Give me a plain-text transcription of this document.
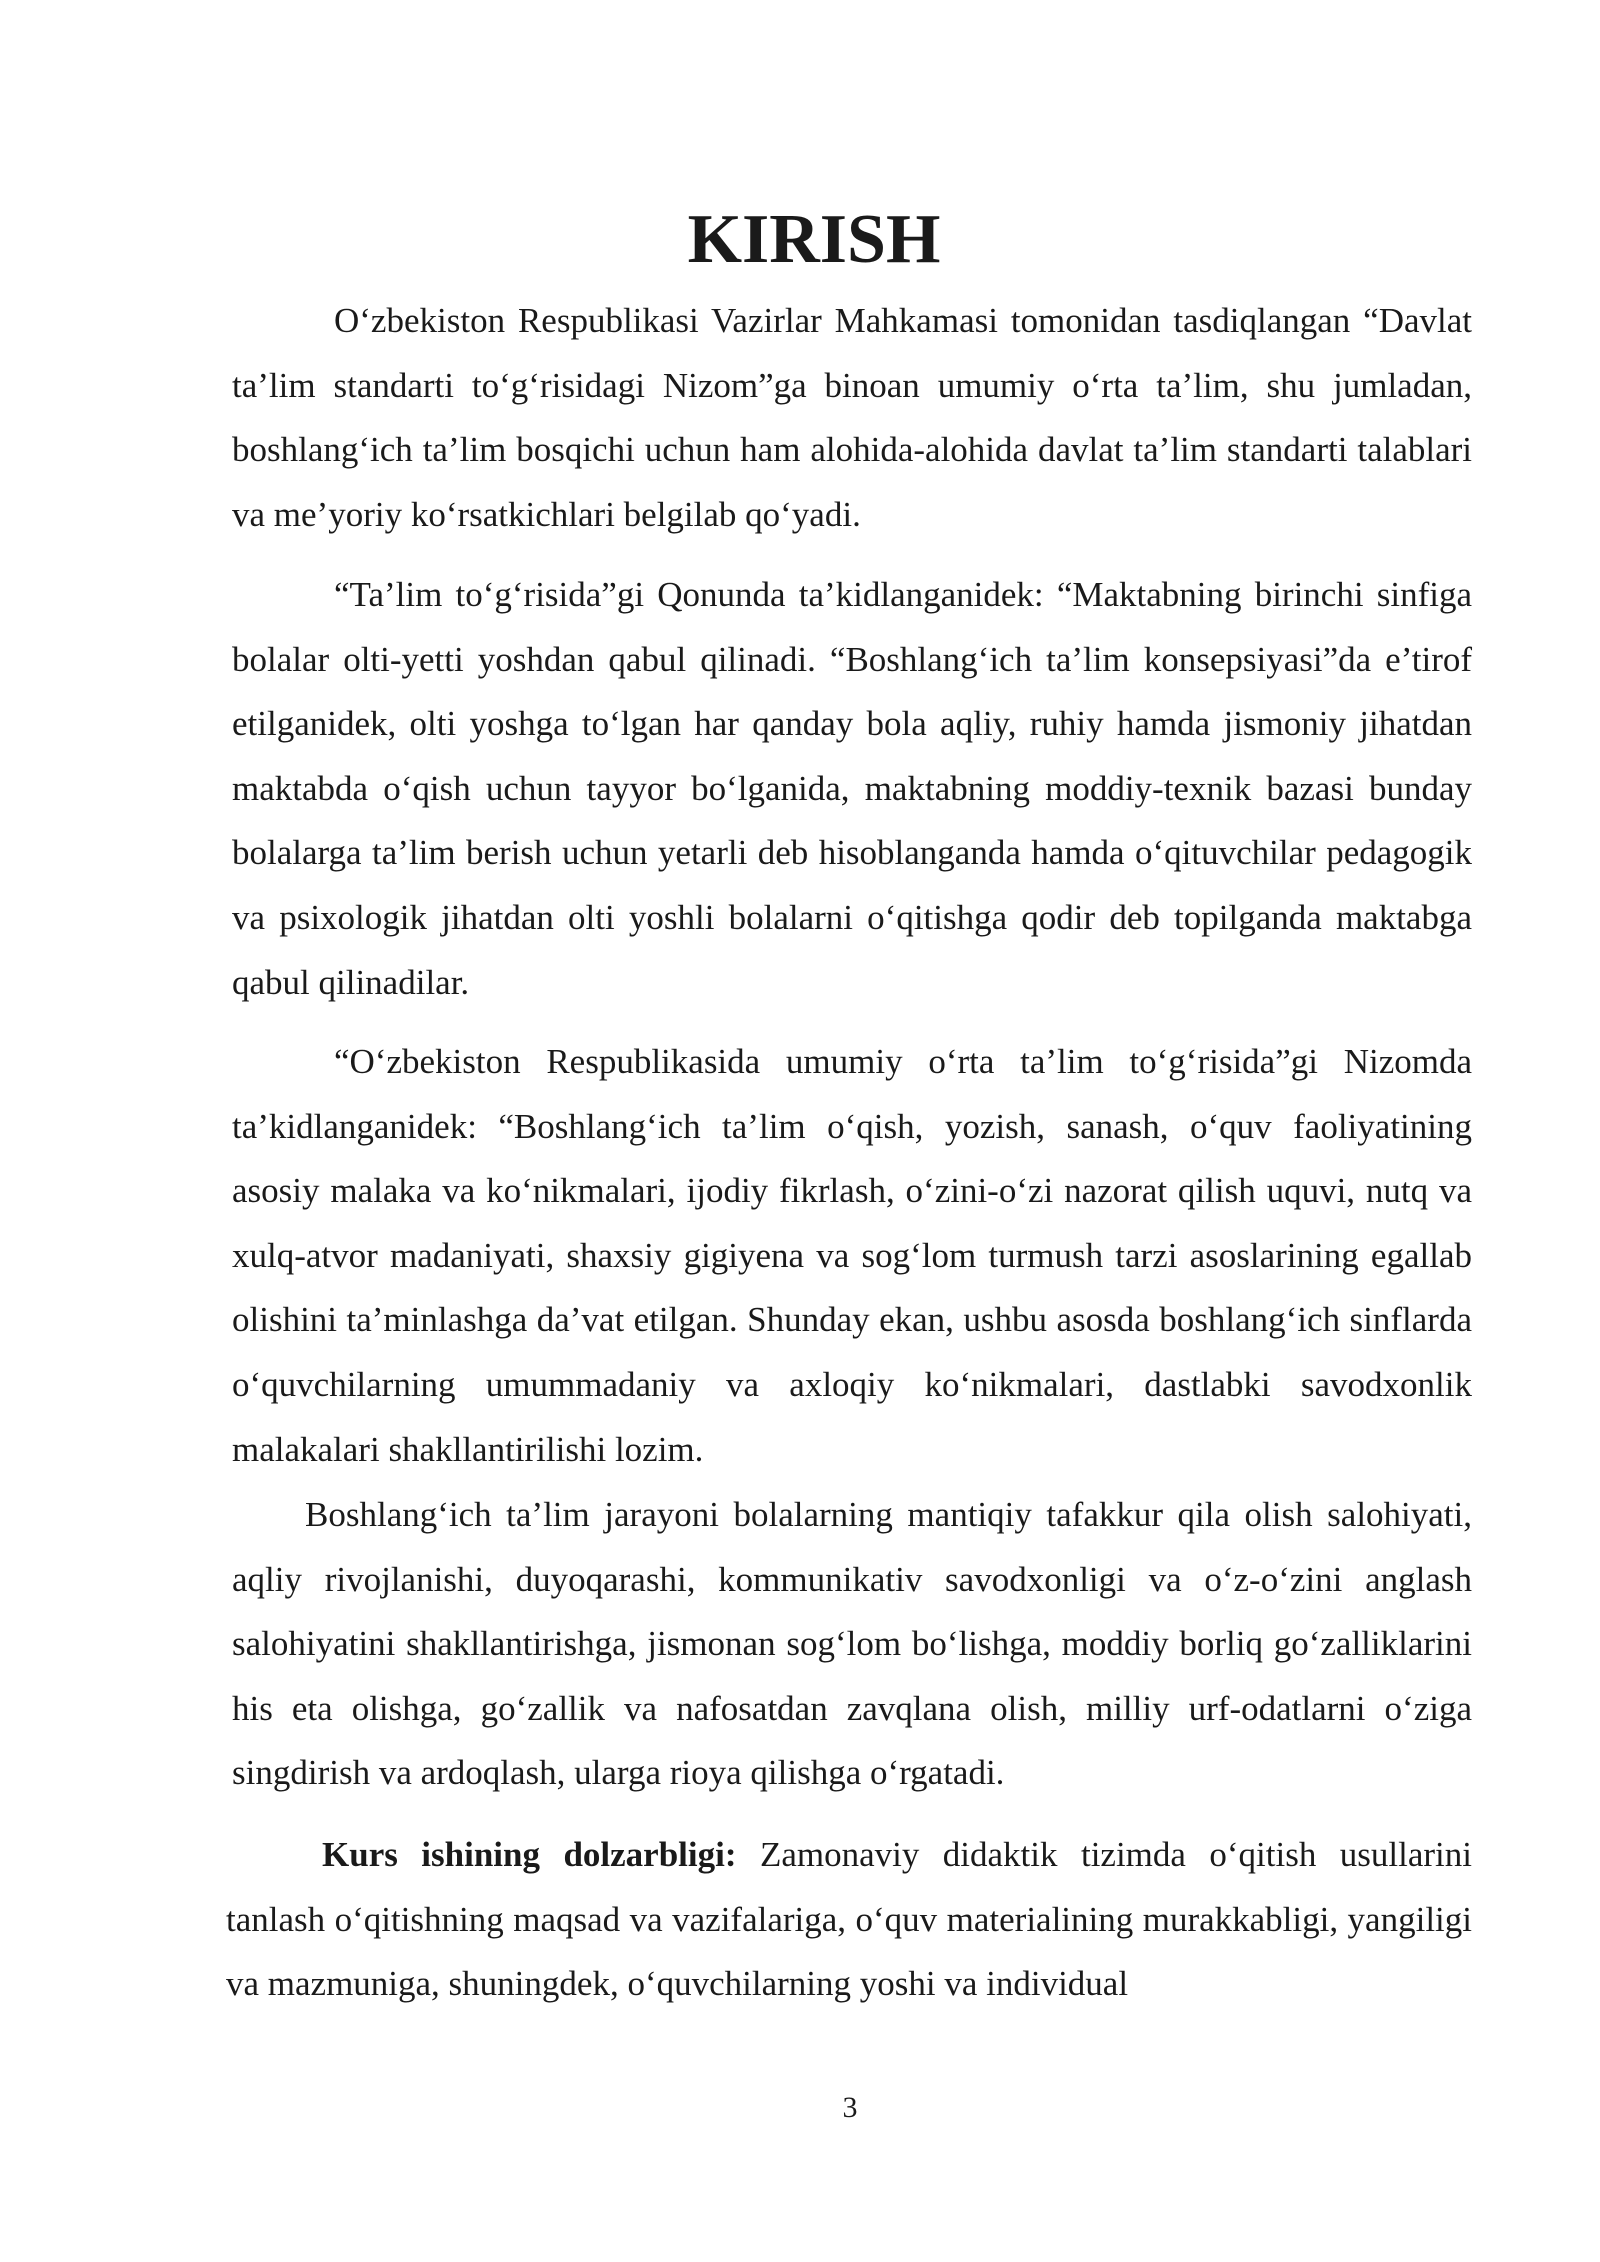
KIRISH

O‘zbekiston Respublikasi Vazirlar Mahkamasi tomonidan tasdiqlangan “Davlat ta’lim standarti to‘g‘risidagi Nizom”ga binoan umumiy o‘rta ta’lim, shu jumladan, boshlang‘ich ta’lim bosqichi uchun ham alohida-alohida davlat ta’lim standarti talablari va me’yoriy ko‘rsatkichlari belgilab qo‘yadi.

“Ta’lim to‘g‘risida”gi Qonunda ta’kidlanganidek: “Maktabning birinchi sinfiga bolalar olti-yetti yoshdan qabul qilinadi. “Boshlang‘ich ta’lim konsepsiyasi”da e’tirof etilganidek, olti yoshga to‘lgan har qanday bola aqliy, ruhiy hamda jismoniy jihatdan maktabda o‘qish uchun tayyor bo‘lganida, maktabning moddiy-texnik bazasi bunday bolalarga ta’lim berish uchun yetarli deb hisoblanganda hamda o‘qituvchilar pedagogik va psixologik jihatdan olti yoshli bolalarni o‘qitishga qodir deb topilganda maktabga qabul qilinadilar.

“O‘zbekiston Respublikasida umumiy o‘rta ta’lim to‘g‘risida”gi Nizomda ta’kidlanganidek: “Boshlang‘ich ta’lim o‘qish, yozish, sanash, o‘quv faoliyatining asosiy malaka va ko‘nikmalari, ijodiy fikrlash, o‘zini-o‘zi nazorat qilish uquvi, nutq va xulq-atvor madaniyati, shaxsiy gigiyena va sog‘lom turmush tarzi asoslarining egallab olishini ta’minlashga da’vat etilgan. Shunday ekan, ushbu asosda boshlang‘ich sinflarda o‘quvchilarning umummadaniy va axloqiy ko‘nikmalari, dastlabki savodxonlik malakalari shakllantirilishi lozim.

Boshlang‘ich ta’lim jarayoni bolalarning mantiqiy tafakkur qila olish salohiyati, aqliy rivojlanishi, duyoqarashi, kommunikativ savodxonligi va o‘z-o‘zini anglash salohiyatini shakllantirishga, jismonan sog‘lom bo‘lishga, moddiy borliq go‘zalliklarini his eta olishga, go‘zallik va nafosatdan zavqlana olish, milliy urf-odatlarni o‘ziga singdirish va ardoqlash, ularga rioya qilishga o‘rgatadi.

Kurs ishining dolzarbligi: Zamonaviy didaktik tizimda o‘qitish usullarini tanlash o‘qitishning maqsad va vazifalariga, o‘quv materialining murakkabligi, yangiligi va mazmuniga, shuningdek, o‘quvchilarning yoshi va individual

3
